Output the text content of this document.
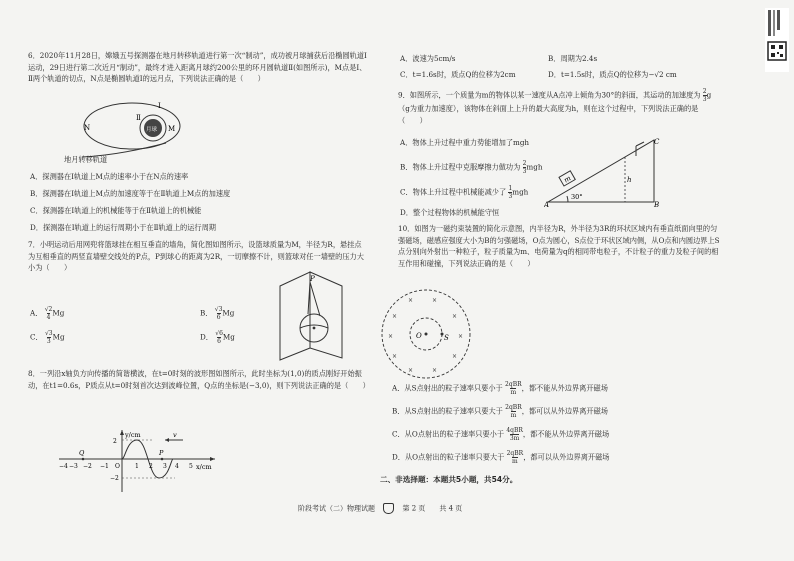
6．2020年11月28日，嫦娥五号探测器在地月转移轨道进行第一次“制动”，成功被月球捕获后沿椭圆轨道Ⅰ运动，29日进行第二次近月“制动”，最终才进入距离月球约200公里的环月圆轨道Ⅱ(如图所示)，M点是Ⅰ、Ⅱ两个轨道的切点，N点是椭圆轨道Ⅰ的远月点，下列说法正确的是（　　）
N
Ⅰ
Ⅱ
月球 M
地月转移轨道
A．探测器在Ⅰ轨道上M点的速率小于在N点的速率
B．探测器在Ⅰ轨道上M点的加速度等于在Ⅱ轨道上M点的加速度
C．探测器在Ⅰ轨道上的机械能等于在Ⅱ轨道上的机械能
D．探测器在Ⅰ轨道上的运行周期小于在Ⅱ轨道上的运行周期
7．小明运动后用网兜将篮球挂在相互垂直的墙角，简化图如图所示，设篮球质量为M，半径为R，悬挂点为互相垂直的两竖直墙壁交线处的P点，P到球心的距离为2R，一切摩擦不计，则篮球对任一墙壁的压力大小为（　　）
A． $\frac{√2}{4}$ Mg	B． $\frac{√3}{6}$ Mg
C． $\frac{√3}{3}$ Mg	D． $\frac{√6}{6}$ Mg
P
8．一列沿x轴负方向传播的简谐横波，在t=0时刻的波形图如图所示，此时坐标为(1,0)的质点刚好开始振动，在t1=0.6s，P质点从t=0时刻首次达到波峰位置，Q点的坐标是(−3,0)，则下列说法正确的是（　　）
y/cm
x/cm
−4 −3 −2 −1 O	1 2 3 4 5
2
−2
Q	P
v
A．波速为5cm/s	B．周期为2.4s
C．t=1.6s时，质点Q的位移为2cm	D．t=1.5s时，质点Q的位移为−√2 cm
9．如图所示，一个质量为m的物体以某一速度从A点冲上倾角为30°的斜面，其运动的加速度为 $\frac{2}{3} g(g$为重力加速度），该物体在斜面上上升的最大高度为h，则在这个过程中，下列说法正确的是（　　）
A．物体上升过程中重力势能增加了mgh
B．物体上升过程中克服摩擦力做功为 $\frac{2}{3}$ mgh
C．物体上升过程中机械能减少了 $\frac{1}{3}$ mgh
D．整个过程物体的机械能守恒
m
30°
A	B
C
h
10．如图为一磁约束装置的简化示意图，内半径为R，外半径为3R的环状区域内有垂直纸面向里的匀强磁场，磁感应强度大小为B的匀强磁场，O点为圆心，S点位于环状区域内侧，从O点和内圆边界上S点分别向外射出一种粒子，粒子质量为m、电荷量为q的相同带电粒子，不计粒子的重力及粒子间的相互作用和碰撞，下列说法正确的是（　　）
×	×
×	×
×	×
×	×
×	×
O	S
A．从S点射出的粒子速率只要小于 2qBR
m ，都不能从外边界离开磁场
B．从S点射出的粒子速率只要大于 2qBR
m ，都可以从外边界离开磁场
C．从O点射出的粒子速率只要小于 4qBR
3m ，都不能从外边界离开磁场
D．从O点射出的粒子速率只要大于 2qBR
m ，都可以从外边界离开磁场
二、非选择题：本题共5小题，共54分。
阶段考试（二）物理试题	第 2 页　　共 4 页
